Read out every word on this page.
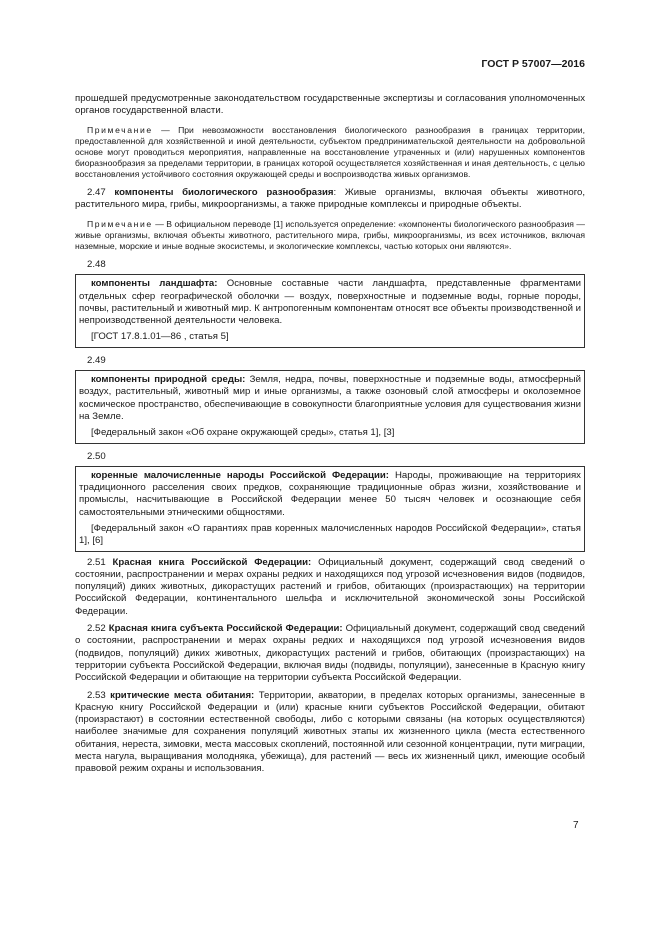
ГОСТ Р 57007—2016

прошедшей предусмотренные законодательством государственные экспертизы и согласования уполномоченных органов государственной власти.

Примечание — При невозможности восстановления биологического разнообразия в границах территории, предоставленной для хозяйственной и иной деятельности, субъектом предпринимательской деятельности на добровольной основе могут проводиться мероприятия, направленные на восстановление утраченных и (или) нарушенных компонентов биоразнообразия за пределами территории, в границах которой осуществляется хозяйственная и иная деятельность, с целью восстановления устойчивого состояния окружающей среды и воспроизводства живых организмов.

2.47 компоненты биологического разнообразия: Живые организмы, включая объекты животного, растительного мира, грибы, микроорганизмы, а также природные комплексы и природные объекты.

Примечание — В официальном переводе [1] используется определение: «компоненты биологического разнообразия — живые организмы, включая объекты животного, растительного мира, грибы, микроорганизмы, из всех источников, включая наземные, морские и иные водные экосистемы, и экологические комплексы, частью которых они являются».

2.48

компоненты ландшафта: Основные составные части ландшафта, представленные фрагментами отдельных сфер географической оболочки — воздух, поверхностные и подземные воды, горные породы, почвы, растительный и животный мир. К антропогенным компонентам относят все объекты производственной и непроизводственной деятельности человека.

[ГОСТ 17.8.1.01—86 , статья 5]

2.49

компоненты природной среды: Земля, недра, почвы, поверхностные и подземные воды, атмосферный воздух, растительный, животный мир и иные организмы, а также озоновый слой атмосферы и околоземное космическое пространство, обеспечивающие в совокупности благоприятные условия для существования жизни на Земле.

[Федеральный закон «Об охране окружающей среды», статья 1], [3]

2.50

коренные малочисленные народы Российской Федерации: Народы, проживающие на территориях традиционного расселения своих предков, сохраняющие традиционные образ жизни, хозяйствование и промыслы, насчитывающие в Российской Федерации менее 50 тысяч человек и осознающие себя самостоятельными этническими общностями.

[Федеральный закон «О гарантиях прав коренных малочисленных народов Российской Федерации», статья 1], [6]

2.51 Красная книга Российской Федерации: Официальный документ, содержащий свод сведений о состоянии, распространении и мерах охраны редких и находящихся под угрозой исчезновения видов (подвидов, популяций) диких животных, дикорастущих растений и грибов, обитающих (произрастающих) на территории Российской Федерации, континентального шельфа и исключительной экономической зоны Российской Федерации.

2.52 Красная книга субъекта Российской Федерации: Официальный документ, содержащий свод сведений о состоянии, распространении и мерах охраны редких и находящихся под угрозой исчезновения видов (подвидов, популяций) диких животных, дикорастущих растений и грибов, обитающих (произрастающих) на территории субъекта Российской Федерации, включая виды (подвиды, популяции), занесенные в Красную книгу Российской Федерации и обитающие на территории субъекта Российской Федерации.

2.53 критические места обитания: Территории, акватории, в пределах которых организмы, занесенные в Красную книгу Российской Федерации и (или) красные книги субъектов Российской Федерации, обитают (произрастают) в состоянии естественной свободы, либо с которыми связаны (на которых осуществляются) наиболее значимые для сохранения популяций животных этапы их жизненного цикла (места естественного обитания, нереста, зимовки, места массовых скоплений, постоянной или сезонной концентрации, пути миграции, места нагула, выращивания молодняка, убежища), для растений — весь их жизненный цикл, имеющие особый правовой режим охраны и использования.

7
